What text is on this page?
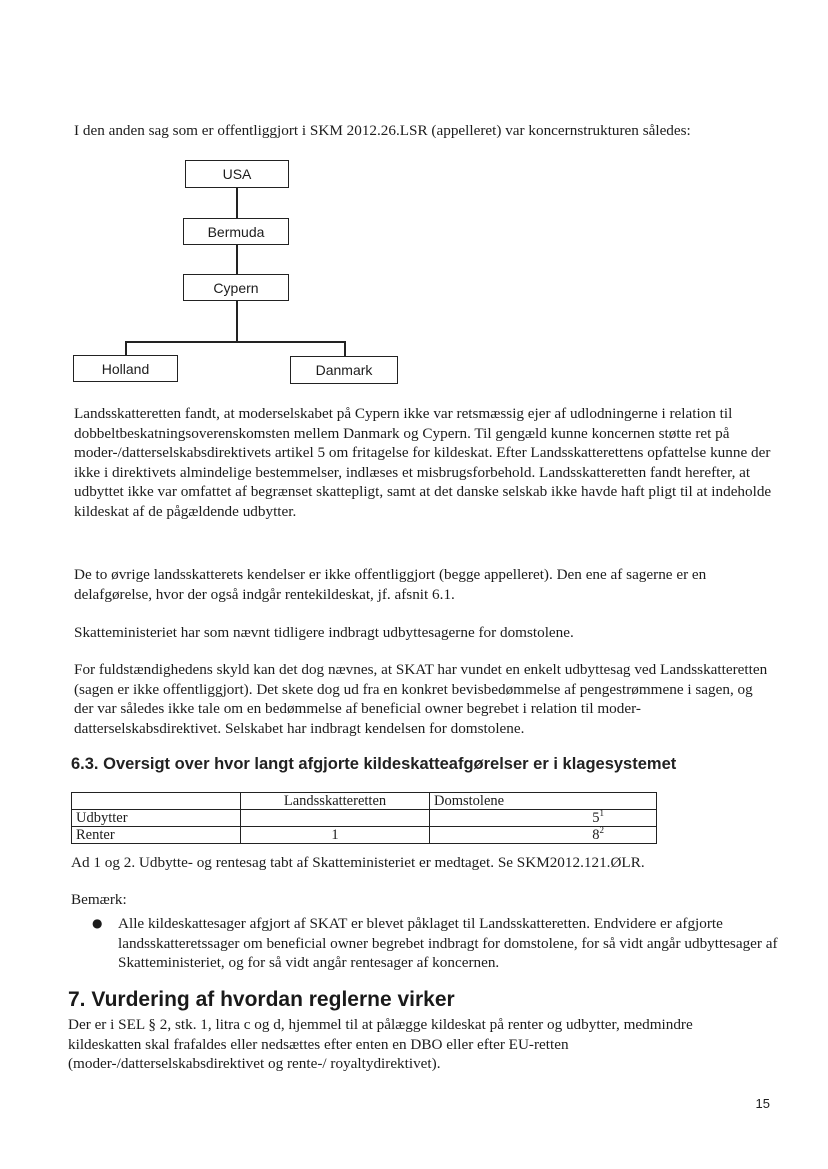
I den anden sag som er offentliggjort i SKM 2012.26.LSR (appelleret) var koncernstrukturen således:
USA
Bermuda
Cypern
Holland	Danmark
Landsskatteretten fandt, at moderselskabet på Cypern ikke var retsmæssig ejer af udlodningerne i relation til dobbeltbeskatningsoverenskomsten mellem Danmark og Cypern. Til gengæld kunne koncernen støtte ret på moder-/datterselskabsdirektivets artikel 5 om fritagelse for kildeskat. Efter Landsskatterettens opfattelse kunne der ikke i direktivets almindelige bestemmelser, indlæses et misbrugsforbehold. Landsskatteretten fandt herefter, at udbyttet ikke var omfattet af begrænset skattepligt, samt at det danske selskab ikke havde haft pligt til at indeholde kildeskat af de pågældende udbytter.
De to øvrige landsskatterets kendelser er ikke offentliggjort (begge appelleret). Den ene af sagerne er en delafgørelse, hvor der også indgår rentekildeskat, jf. afsnit 6.1.
Skatteministeriet har som nævnt tidligere indbragt udbyttesagerne for domstolene.
For fuldstændighedens skyld kan det dog nævnes, at SKAT har vundet en enkelt udbyttesag ved Landsskatteretten (sagen er ikke offentliggjort). Det skete dog ud fra en konkret bevisbedømmelse af pengestrømmene i sagen, og der var således ikke tale om en bedømmelse af beneficial owner begrebet i relation til moder-datterselskabsdirektivet. Selskabet har indbragt kendelsen for domstolene.
6.3. Oversigt over hvor langt afgjorte kildeskatteafgørelser er i klagesystemet
	Landsskatteretten	Domstolene
Udbytter		$5^1$
Renter	1	$8^2$
Ad 1 og 2. Udbytte- og rentesag tabt af Skatteministeriet er medtaget. Se SKM2012.121.ØLR.
Bemærk:
● Alle kildeskattesager afgjort af SKAT er blevet påklaget til Landsskatteretten. Endvidere er afgjorte landsskatteretssager om beneficial owner begrebet indbragt for domstolene, for så vidt angår udbyttesager af Skatteministeriet, og for så vidt angår rentesager af koncernen.
7. Vurdering af hvordan reglerne virker
Der er i SEL § 2, stk. 1, litra c og d, hjemmel til at pålægge kildeskat på renter og udbytter, medmindre kildeskatten skal frafaldes eller nedsættes efter enten en DBO eller efter EU-retten (moder-/datterselskabsdirektivet og rente-/ royaltydirektivet).
15
